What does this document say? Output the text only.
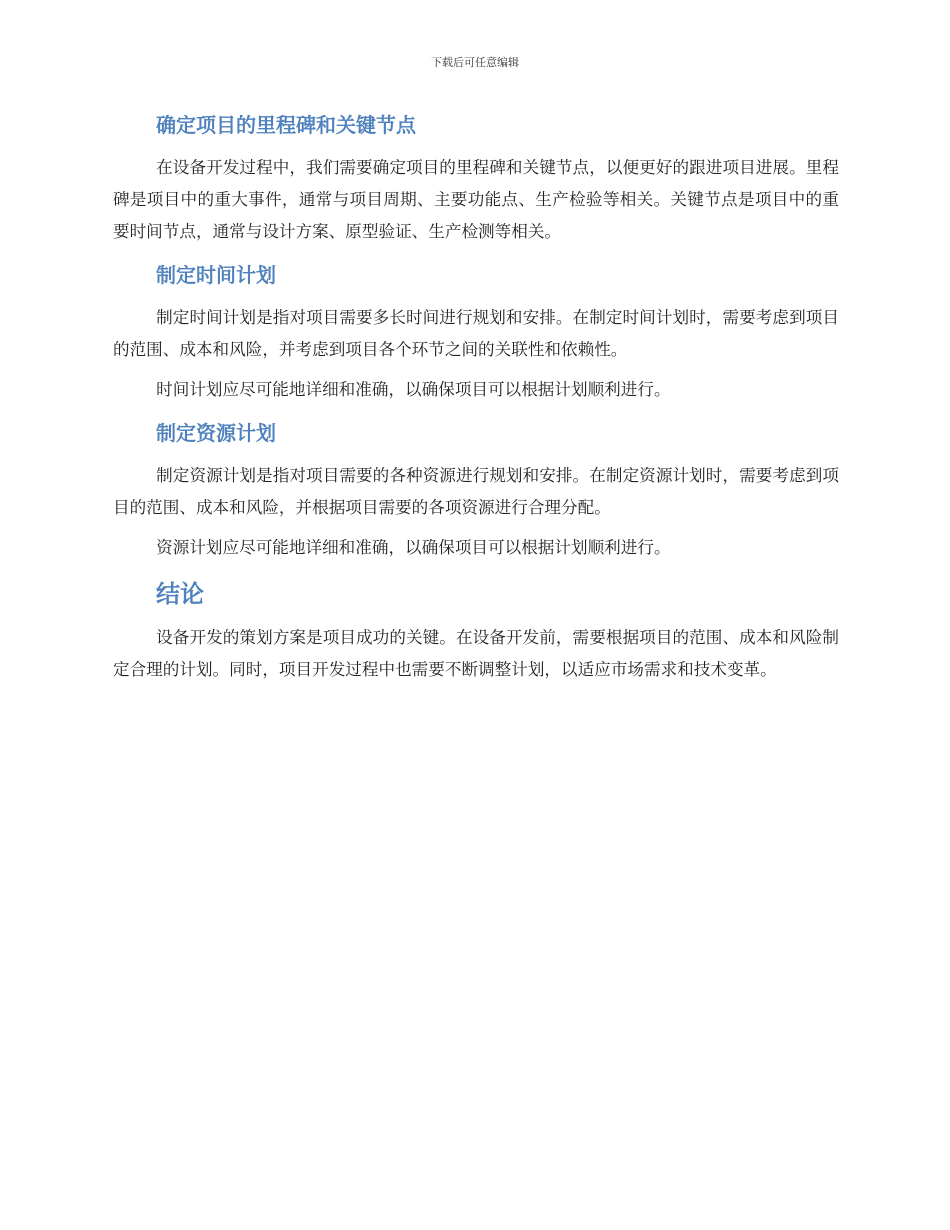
下载后可任意编辑
确定项目的里程碑和关键节点

在设备开发过程中，我们需要确定项目的里程碑和关键节点，以便更好的跟进项目进展。里程碑是项目中的重大事件，通常与项目周期、主要功能点、生产检验等相关。关键节点是项目中的重要时间节点，通常与设计方案、原型验证、生产检测等相关。

制定时间计划

制定时间计划是指对项目需要多长时间进行规划和安排。在制定时间计划时，需要考虑到项目的范围、成本和风险，并考虑到项目各个环节之间的关联性和依赖性。

时间计划应尽可能地详细和准确，以确保项目可以根据计划顺利进行。

制定资源计划

制定资源计划是指对项目需要的各种资源进行规划和安排。在制定资源计划时，需要考虑到项目的范围、成本和风险，并根据项目需要的各项资源进行合理分配。

资源计划应尽可能地详细和准确，以确保项目可以根据计划顺利进行。

结论

设备开发的策划方案是项目成功的关键。在设备开发前，需要根据项目的范围、成本和风险制定合理的计划。同时，项目开发过程中也需要不断调整计划，以适应市场需求和技术变革。
